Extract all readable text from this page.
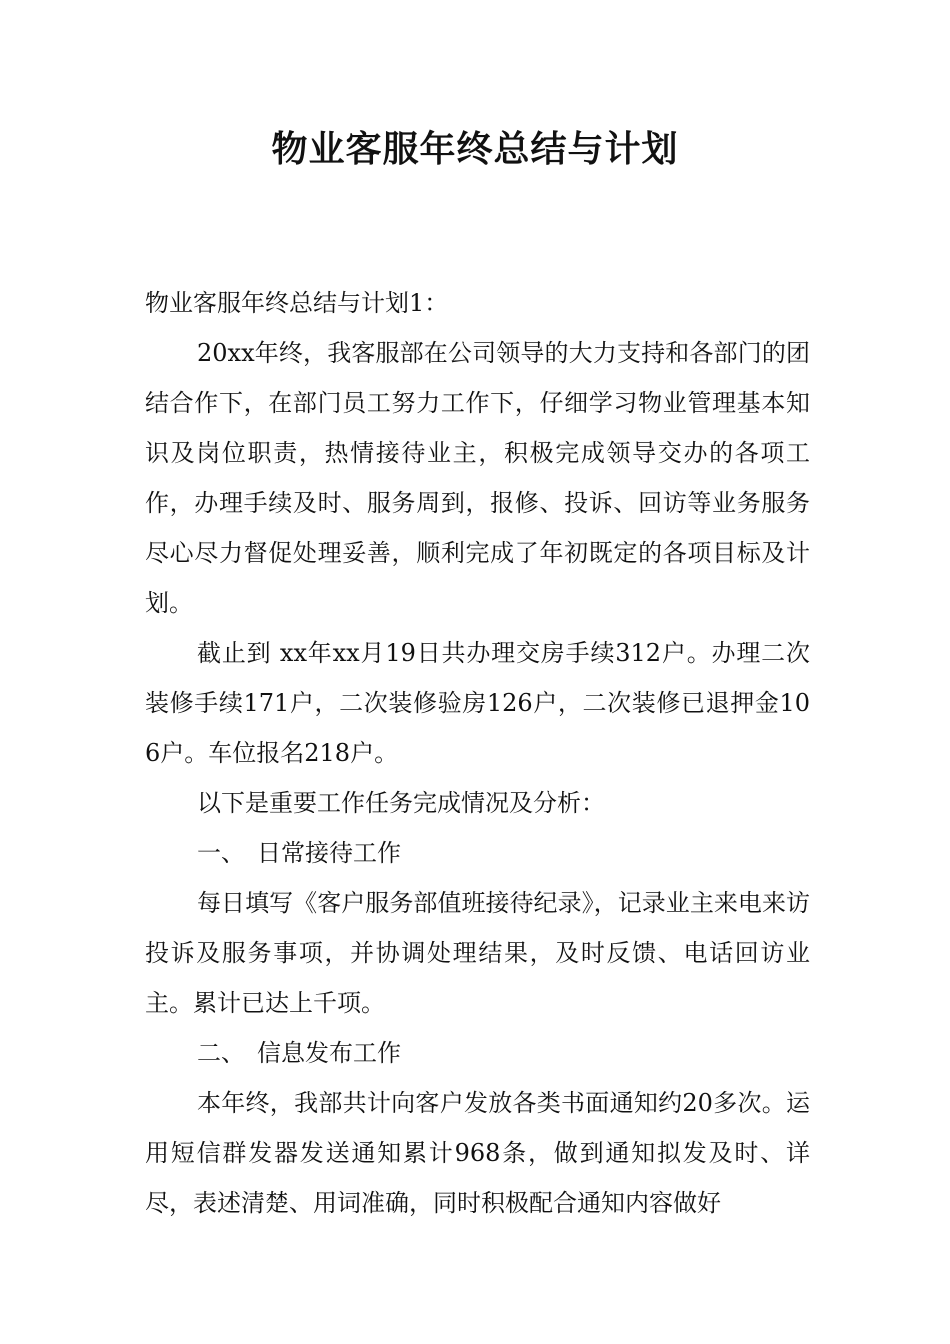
物业客服年终总结与计划

物业客服年终总结与计划1：

20xx年终，我客服部在公司领导的大力支持和各部门的团结合作下，在部门员工努力工作下，仔细学习物业管理基本知识及岗位职责，热情接待业主，积极完成领导交办的各项工作，办理手续及时、服务周到，报修、投诉、回访等业务服务尽心尽力督促处理妥善，顺利完成了年初既定的各项目标及计划。

截止到 xx年xx月19日共办理交房手续312户。办理二次装修手续171户，二次装修验房126户，二次装修已退押金106户。车位报名218户。

以下是重要工作任务完成情况及分析：

一、　日常接待工作

每日填写《客户服务部值班接待纪录》，记录业主来电来访投诉及服务事项，并协调处理结果，及时反馈、电话回访业主。累计已达上千项。

二、　信息发布工作

本年终，我部共计向客户发放各类书面通知约20多次。运用短信群发器发送通知累计968条，做到通知拟发及时、详尽，表述清楚、用词准确，同时积极配合通知内容做好
